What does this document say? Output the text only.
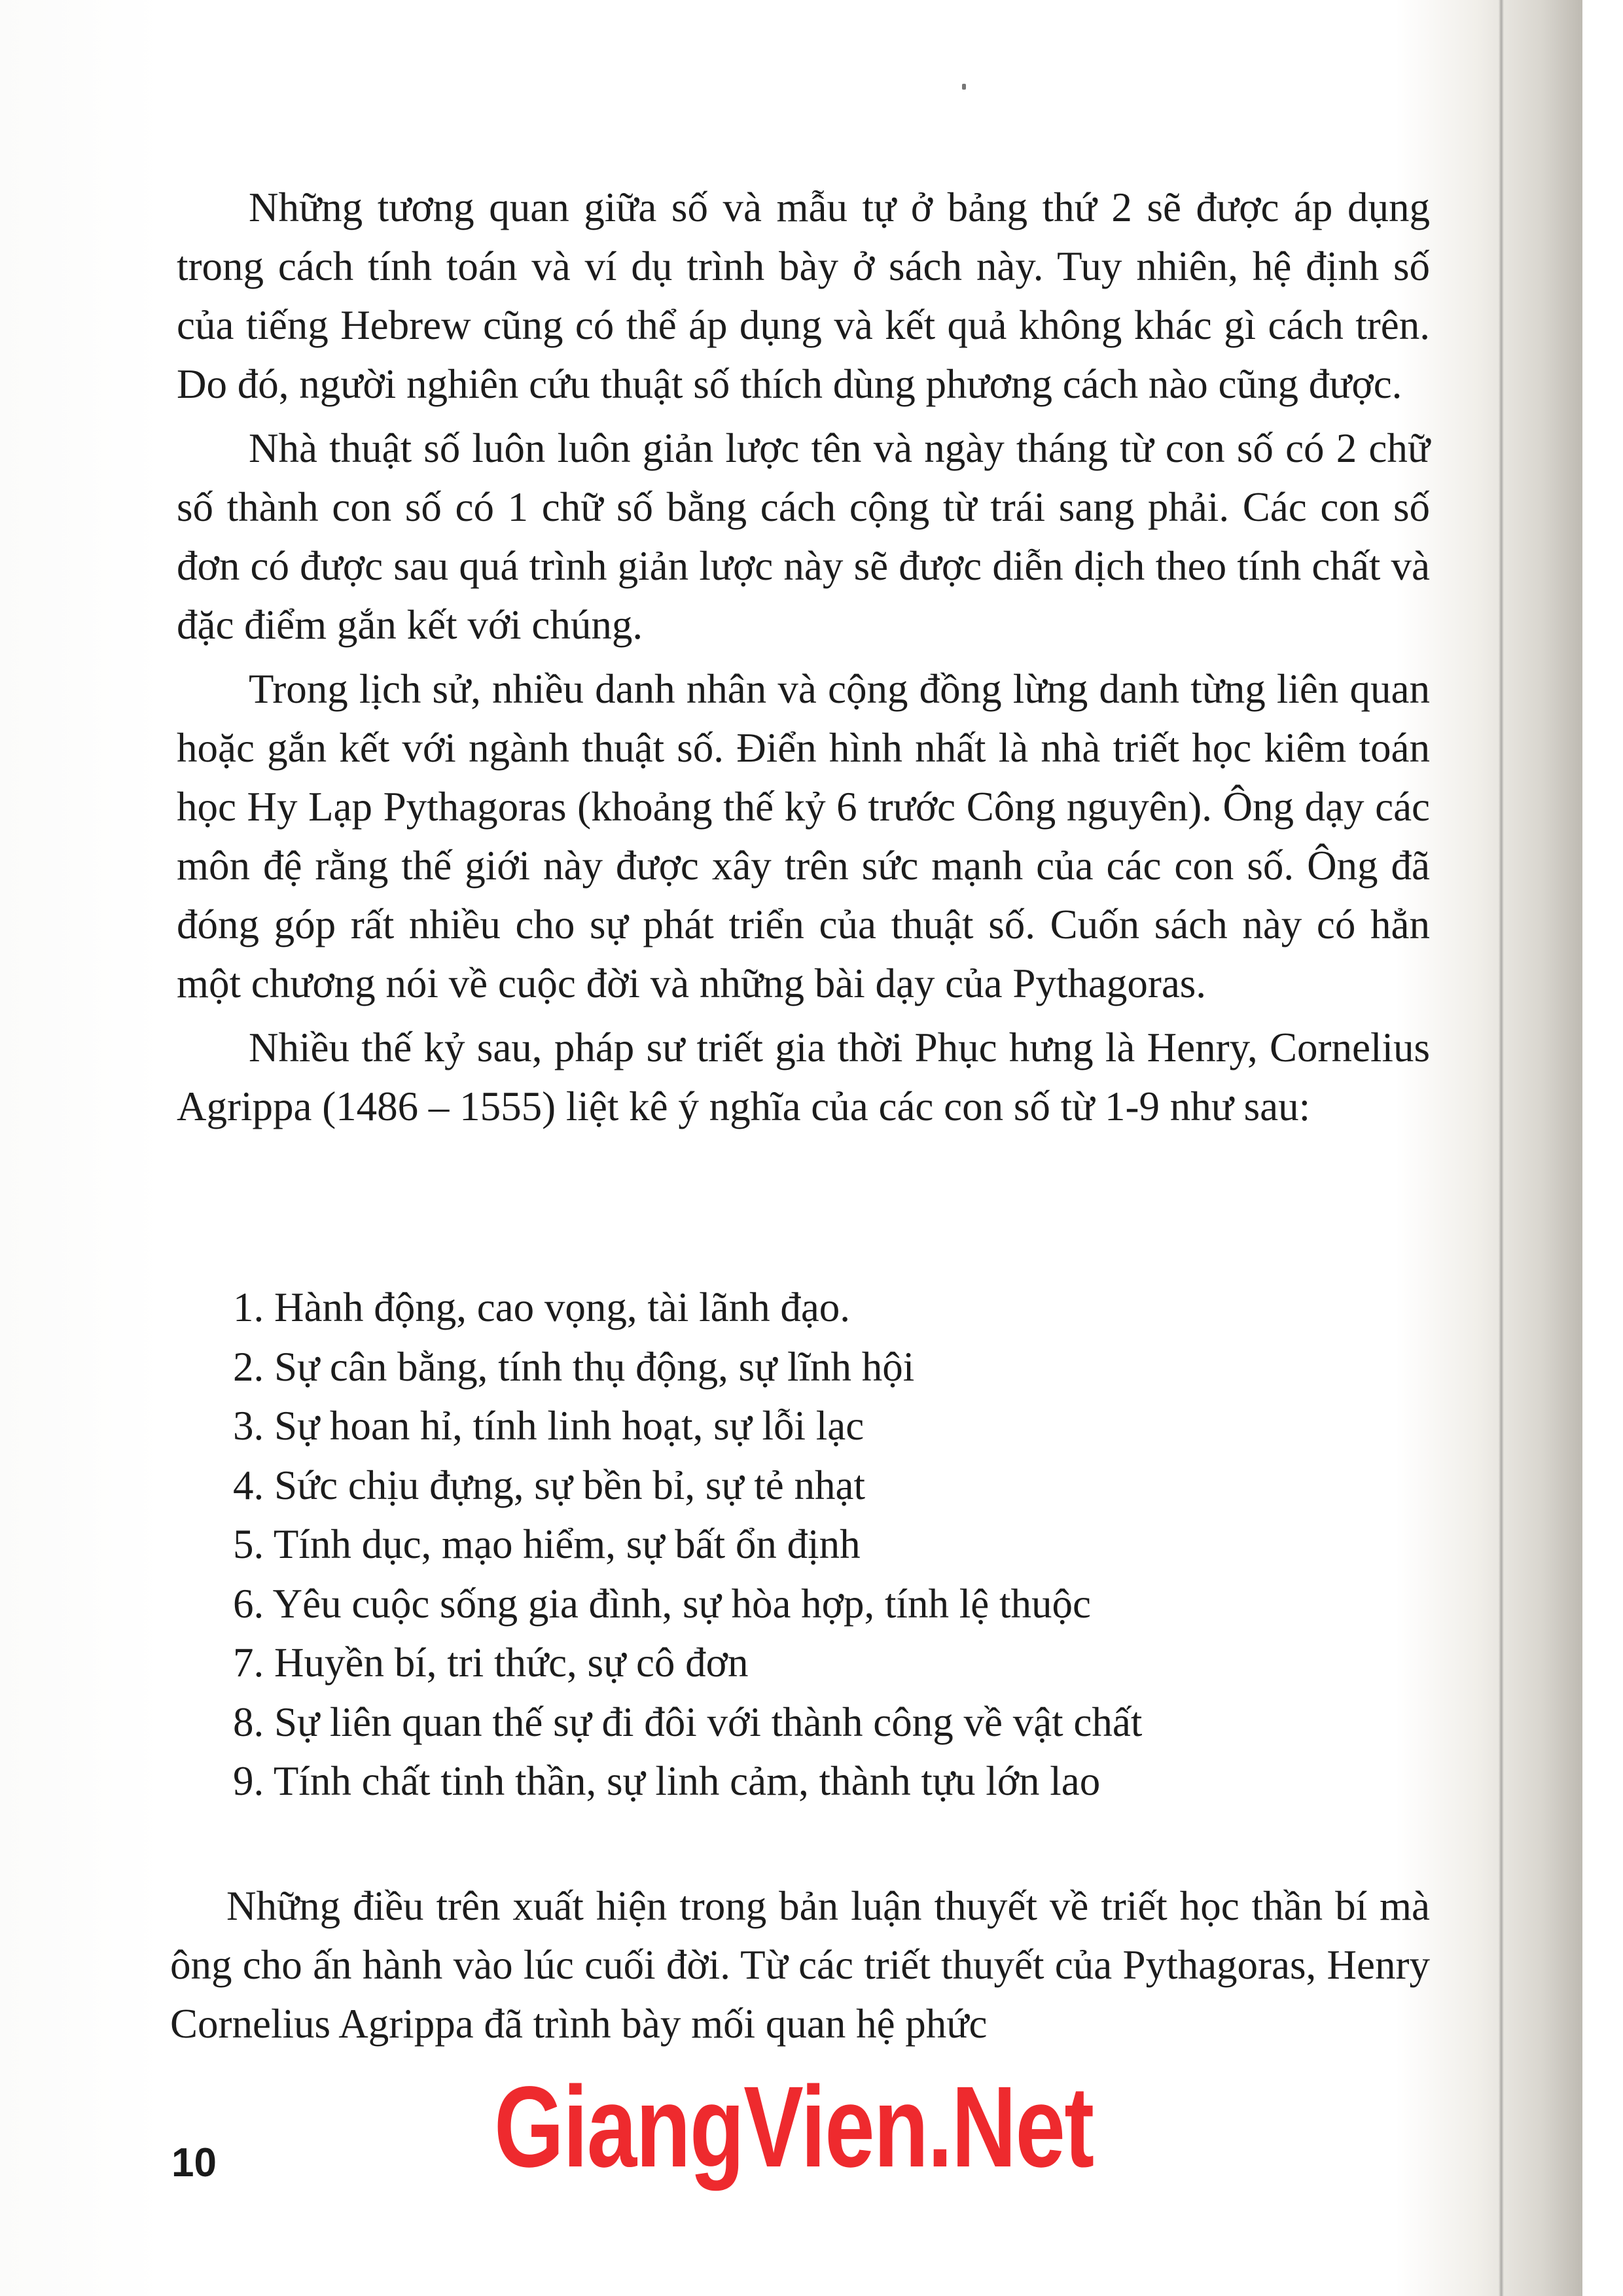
Những tương quan giữa số và mẫu tự ở bảng thứ 2 sẽ được áp dụng trong cách tính toán và ví dụ trình bày ở sách này. Tuy nhiên, hệ định số của tiếng Hebrew cũng có thể áp dụng và kết quả không khác gì cách trên. Do đó, người nghiên cứu thuật số thích dùng phương cách nào cũng được.

Nhà thuật số luôn luôn giản lược tên và ngày tháng từ con số có 2 chữ số thành con số có 1 chữ số bằng cách cộng từ trái sang phải. Các con số đơn có được sau quá trình giản lược này sẽ được diễn dịch theo tính chất và đặc điểm gắn kết với chúng.

Trong lịch sử, nhiều danh nhân và cộng đồng lừng danh từng liên quan hoặc gắn kết với ngành thuật số. Điển hình nhất là nhà triết học kiêm toán học Hy Lạp Pythagoras (khoảng thế kỷ 6 trước Công nguyên). Ông dạy các môn đệ rằng thế giới này được xây trên sức mạnh của các con số. Ông đã đóng góp rất nhiều cho sự phát triển của thuật số. Cuốn sách này có hẳn một chương nói về cuộc đời và những bài dạy của Pythagoras.

Nhiều thế kỷ sau, pháp sư triết gia thời Phục hưng là Henry, Cornelius Agrippa (1486 – 1555) liệt kê ý nghĩa của các con số từ 1-9 như sau:

1. Hành động, cao vọng, tài lãnh đạo.
2. Sự cân bằng, tính thụ động, sự lĩnh hội
3. Sự hoan hỉ, tính linh hoạt, sự lỗi lạc
4. Sức chịu đựng, sự bền bỉ, sự tẻ nhạt
5. Tính dục, mạo hiểm, sự bất ổn định
6. Yêu cuộc sống gia đình, sự hòa hợp, tính lệ thuộc
7. Huyền bí, tri thức, sự cô đơn
8. Sự liên quan thế sự đi đôi với thành công về vật chất
9. Tính chất tinh thần, sự linh cảm, thành tựu lớn lao

Những điều trên xuất hiện trong bản luận thuyết về triết học thần bí mà ông cho ấn hành vào lúc cuối đời. Từ các triết thuyết của Pythagoras, Henry Cornelius Agrippa đã trình bày mối quan hệ phức

10 GiangVien.Net
